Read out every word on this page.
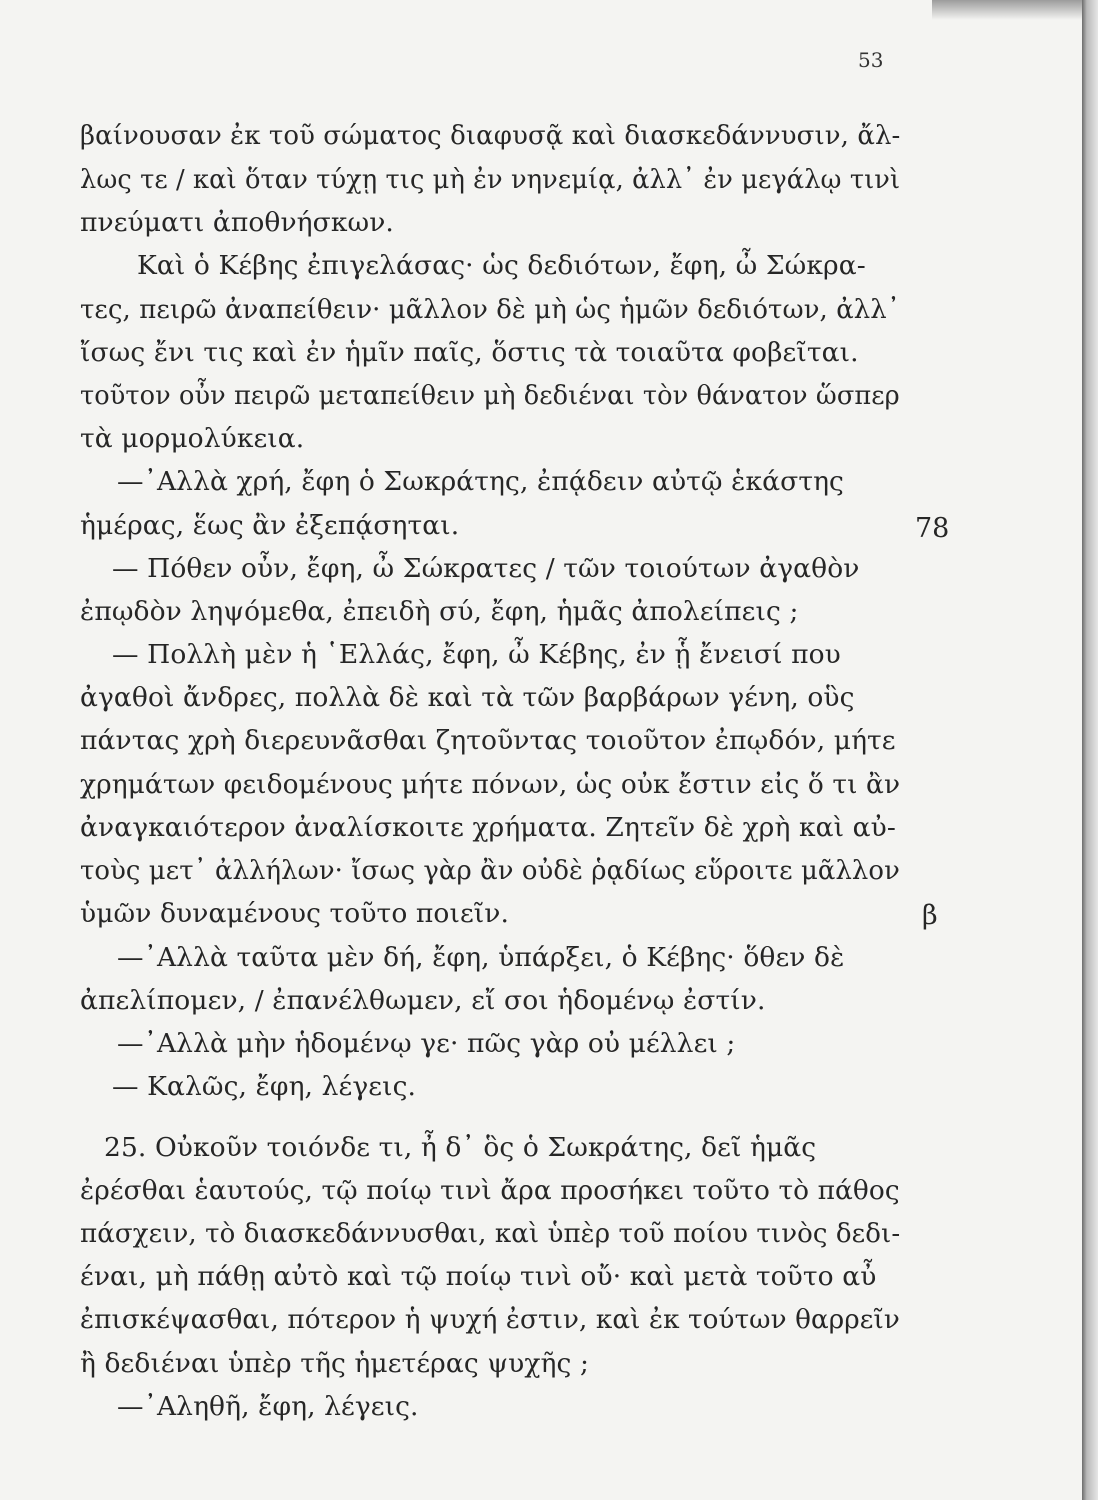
53
βαίνουσαν ἐκ τοῦ σώματος διαφυσᾷ καὶ διασκεδάννυσιν, ἄλ-
λως τε / καὶ ὅταν τύχῃ τις μὴ ἐν νηνεμίᾳ, ἀλλ᾽ ἐν μεγάλῳ τινὶ
πνεύματι ἀποθνήσκων.
Καὶ ὁ Κέβης ἐπιγελάσας· ὡς δεδιότων, ἔφη, ὦ Σώκρα-
τες, πειρῶ ἀναπείθειν· μᾶλλον δὲ μὴ ὡς ἡμῶν δεδιότων, ἀλλ᾽
ἴσως ἔνι τις καὶ ἐν ἡμῖν παῖς, ὅστις τὰ τοιαῦτα φοβεῖται.
τοῦτον οὖν πειρῶ μεταπείθειν μὴ δεδιέναι τὸν θάνατον ὥσπερ
τὰ μορμολύκεια.
—᾽Αλλὰ χρή, ἔφη ὁ Σωκράτης, ἐπᾴδειν αὐτῷ ἑκάστης
ἡμέρας, ἕως ἂν ἐξεπᾴσηται.
— Πόθεν οὖν, ἔφη, ὦ Σώκρατες / τῶν τοιούτων ἀγαθὸν
ἐπῳδὸν ληψόμεθα, ἐπειδὴ σύ, ἔφη, ἡμᾶς ἀπολείπεις ;
— Πολλὴ μὲν ἡ ῾Ελλάς, ἔφη, ὦ Κέβης, ἐν ᾗ ἔνεισί που
ἀγαθοὶ ἄνδρες, πολλὰ δὲ καὶ τὰ τῶν βαρβάρων γένη, οὓς
πάντας χρὴ διερευνᾶσθαι ζητοῦντας τοιοῦτον ἐπῳδόν, μήτε
χρημάτων φειδομένους μήτε πόνων, ὡς οὐκ ἔστιν εἰς ὅ τι ἂν
ἀναγκαιότερον ἀναλίσκοιτε χρήματα. Ζητεῖν δὲ χρὴ καὶ αὐ-
τοὺς μετ᾽ ἀλλήλων· ἴσως γὰρ ἂν οὐδὲ ῥᾳδίως εὕροιτε μᾶλλον
ὑμῶν δυναμένους τοῦτο ποιεῖν.
—᾽Αλλὰ ταῦτα μὲν δή, ἔφη, ὑπάρξει, ὁ Κέβης· ὅθεν δὲ
ἀπελίπομεν, / ἐπανέλθωμεν, εἴ σοι ἡδομένῳ ἐστίν.
—᾽Αλλὰ μὴν ἡδομένῳ γε· πῶς γὰρ οὐ μέλλει ;
— Καλῶς, ἔφη, λέγεις.
25. Οὐκοῦν τοιόνδε τι, ἦ δ᾽ ὃς ὁ Σωκράτης, δεῖ ἡμᾶς
ἐρέσθαι ἑαυτούς, τῷ ποίῳ τινὶ ἄρα προσήκει τοῦτο τὸ πάθος
πάσχειν, τὸ διασκεδάννυσθαι, καὶ ὑπὲρ τοῦ ποίου τινὸς δεδι-
έναι, μὴ πάθῃ αὐτὸ καὶ τῷ ποίῳ τινὶ οὔ· καὶ μετὰ τοῦτο αὖ
ἐπισκέψασθαι, πότερον ἡ ψυχή ἐστιν, καὶ ἐκ τούτων θαρρεῖν
ἢ δεδιέναι ὑπὲρ τῆς ἡμετέρας ψυχῆς ;
—᾽Αληθῆ, ἔφη, λέγεις.
78
β
